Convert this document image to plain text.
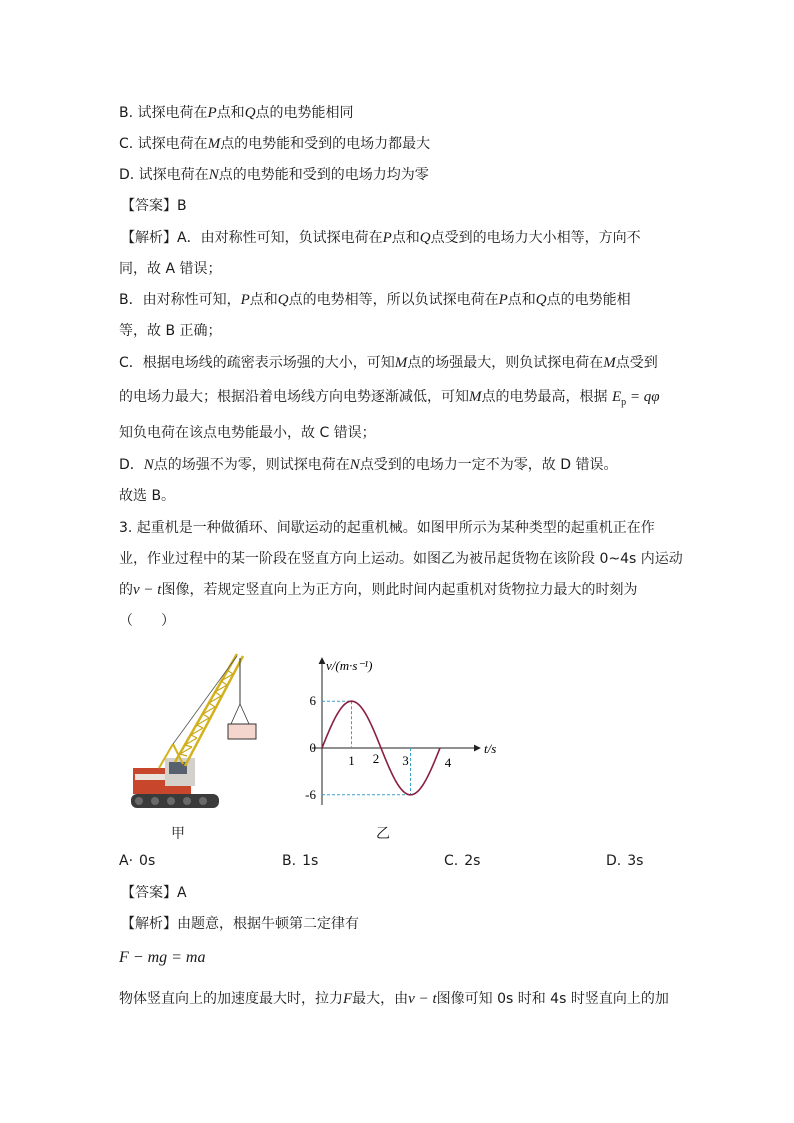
B. 试探电荷在P点和Q点的电势能相同
C. 试探电荷在M点的电势能和受到的电场力都最大
D. 试探电荷在N点的电势能和受到的电场力均为零
【答案】B
【解析】A．由对称性可知，负试探电荷在P点和Q点受到的电场力大小相等，方向不
同，故 A 错误；
B．由对称性可知，P点和Q点的电势相等，所以负试探电荷在P点和Q点的电势能相
等，故 B 正确；
C．根据电场线的疏密表示场强的大小，可知M点的场强最大，则负试探电荷在M点受到
的电场力最大；根据沿着电场线方向电势逐渐减低，可知M点的电势最高，根据 $E_p = q\varphi$
知负电荷在该点电势能最小，故 C 错误；
D．N点的场强不为零，则试探电荷在N点受到的电场力一定不为零，故 D 错误。
故选 B。
3. 起重机是一种做循环、间歇运动的起重机械。如图甲所示为某种类型的起重机正在作
业，作业过程中的某一阶段在竖直方向上运动。如图乙为被吊起货物在该阶段 0~4s 内运动
的v − t图像，若规定竖直向上为正方向，则此时间内起重机对货物拉力最大的时刻为
（　　）
甲
6
0
-6
1 2 3	4
v/(m·s⁻¹)
t/s
乙
A· 0s	B. 1s	C. 2s	D. 3s
【答案】A
【解析】由题意，根据牛顿第二定律有
F − mg = ma
物体竖直向上的加速度最大时，拉力F最大，由v − t图像可知 0s 时和 4s 时竖直向上的加
